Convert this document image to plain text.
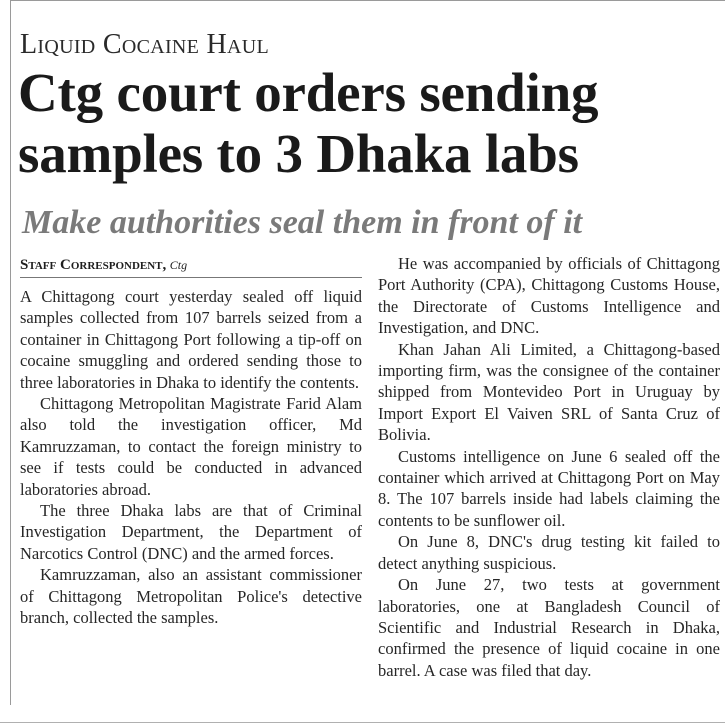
Liquid Cocaine Haul
Ctg court orders sending
samples to 3 Dhaka labs
Make authorities seal them in front of it
Staff Correspondent, Ctg

A Chittagong court yesterday sealed off liquid samples collected from 107 barrels seized from a container in Chittagong Port following a tip-off on cocaine smuggling and ordered sending those to three laboratories in Dhaka to identify the contents.

Chittagong Metropolitan Magistrate Farid Alam also told the investigation officer, Md Kamruzzaman, to contact the foreign ministry to see if tests could be conducted in advanced laboratories abroad.

The three Dhaka labs are that of Criminal Investigation Department, the Department of Narcotics Control (DNC) and the armed forces.

Kamruzzaman, also an assistant commissioner of Chittagong Metropolitan Police's detective branch, collected the samples.

He was accompanied by officials of Chittagong Port Authority (CPA), Chittagong Customs House, the Directorate of Customs Intelligence and Investigation, and DNC.

Khan Jahan Ali Limited, a Chittagong-based importing firm, was the consignee of the container shipped from Montevideo Port in Uruguay by Import Export El Vaiven SRL of Santa Cruz of Bolivia.

Customs intelligence on June 6 sealed off the container which arrived at Chittagong Port on May 8. The 107 barrels inside had labels claiming the contents to be sunflower oil.

On June 8, DNC's drug testing kit failed to detect anything suspicious.

On June 27, two tests at government laboratories, one at Bangladesh Council of Scientific and Industrial Research in Dhaka, confirmed the presence of liquid cocaine in one barrel. A case was filed that day.
